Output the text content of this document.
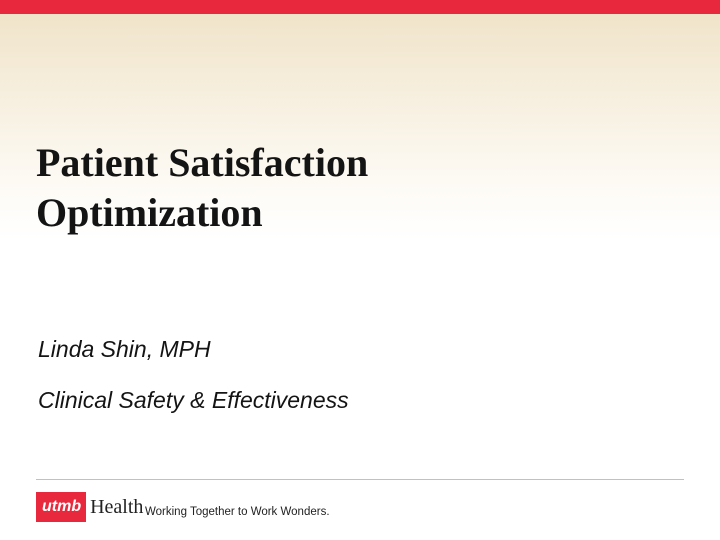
Patient Satisfaction
Optimization

Linda Shin, MPH

Clinical Safety & Effectiveness

utmb Health Working Together to Work Wonders.
